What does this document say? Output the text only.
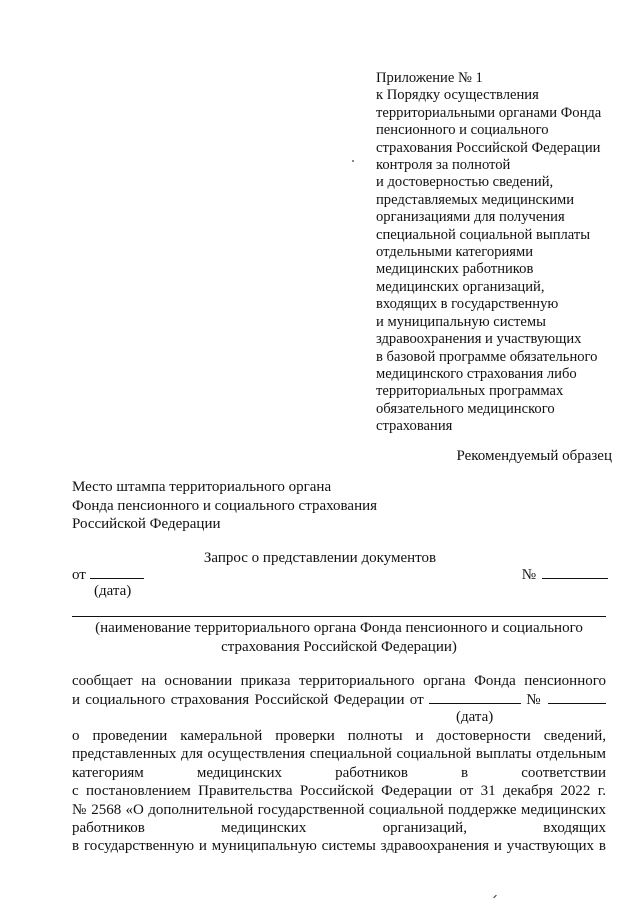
Приложение № 1
к Порядку осуществления
территориальными органами Фонда
пенсионного и социального
страхования Российской Федерации
контроля за полнотой
и достоверностью сведений,
представляемых медицинскими
организациями для получения
специальной социальной выплаты
отдельными категориями
медицинских работников
медицинских организаций,
входящих в государственную
и муниципальную системы
здравоохранения и участвующих
в базовой программе обязательного
медицинского страхования либо
территориальных программах
обязательного медицинского
страхования
Рекомендуемый образец
Место штампа территориального органа
Фонда пенсионного и социального страхования
Российской Федерации
Запрос о представлении документов
от	№
(дата)
(наименование территориального органа Фонда пенсионного и социального
страхования Российской Федерации)
сообщает на основании приказа территориального органа Фонда пенсионного
и социального страхования Российской Федерации от	№
(дата)
о проведении камеральной проверки полноты и достоверности сведений,
представленных для осуществления специальной социальной выплаты отдельным
категориям медицинских работников в соответствии
с постановлением Правительства Российской Федерации от 31 декабря 2022 г.
№ 2568 «О дополнительной государственной социальной поддержке медицинских
работников медицинских организаций, входящих
в государственную и муниципальную системы здравоохранения и участвующих в
